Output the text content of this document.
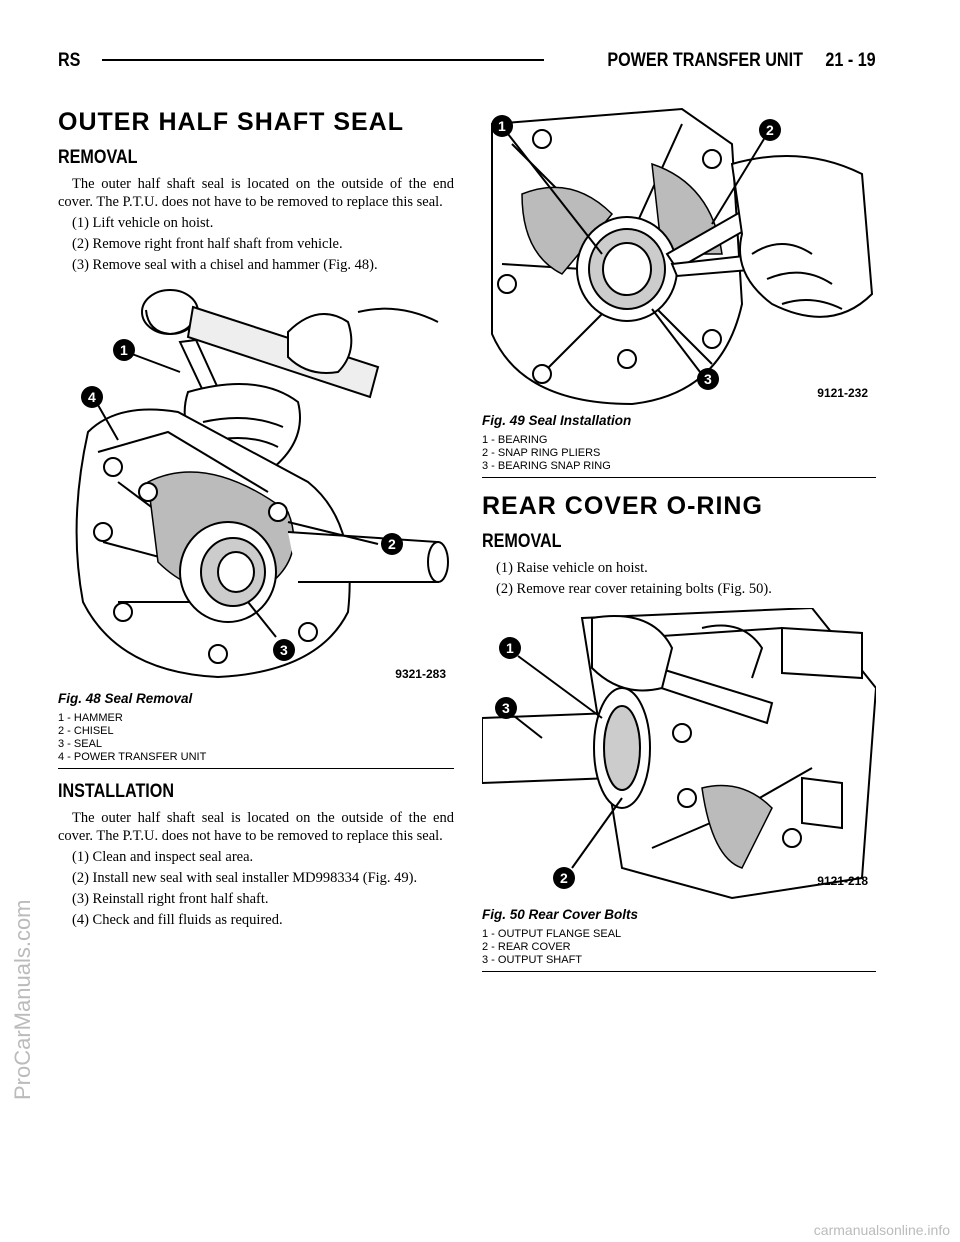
RS	POWER TRANSFER UNIT     21 - 19
ProCarManuals.com
carmanualsonline.info
OUTER HALF SHAFT SEAL
REMOVAL

The outer half shaft seal is located on the outside of the end cover. The P.T.U. does not have to be removed to replace this seal.

(1) Lift vehicle on hoist.

(2) Remove right front half shaft from vehicle.

(3) Remove seal with a chisel and hammer (Fig. 48).

1
2
3
4
9321-283
Fig. 48 Seal Removal
1 - HAMMER
2 - CHISEL
3 - SEAL
4 - POWER TRANSFER UNIT
INSTALLATION

The outer half shaft seal is located on the outside of the end cover. The P.T.U. does not have to be removed to replace this seal.

(1) Clean and inspect seal area.

(2) Install new seal with seal installer MD998334 (Fig. 49).

(3) Reinstall right front half shaft.

(4) Check and fill fluids as required.

1	2
3
9121-232
Fig. 49 Seal Installation
1 - BEARING
2 - SNAP RING PLIERS
3 - BEARING SNAP RING
REAR COVER O-RING
REMOVAL

(1) Raise vehicle on hoist.

(2) Remove rear cover retaining bolts (Fig. 50).

1
2
3
9121-218
Fig. 50 Rear Cover Bolts
1 - OUTPUT FLANGE SEAL
2 - REAR COVER
3 - OUTPUT SHAFT
